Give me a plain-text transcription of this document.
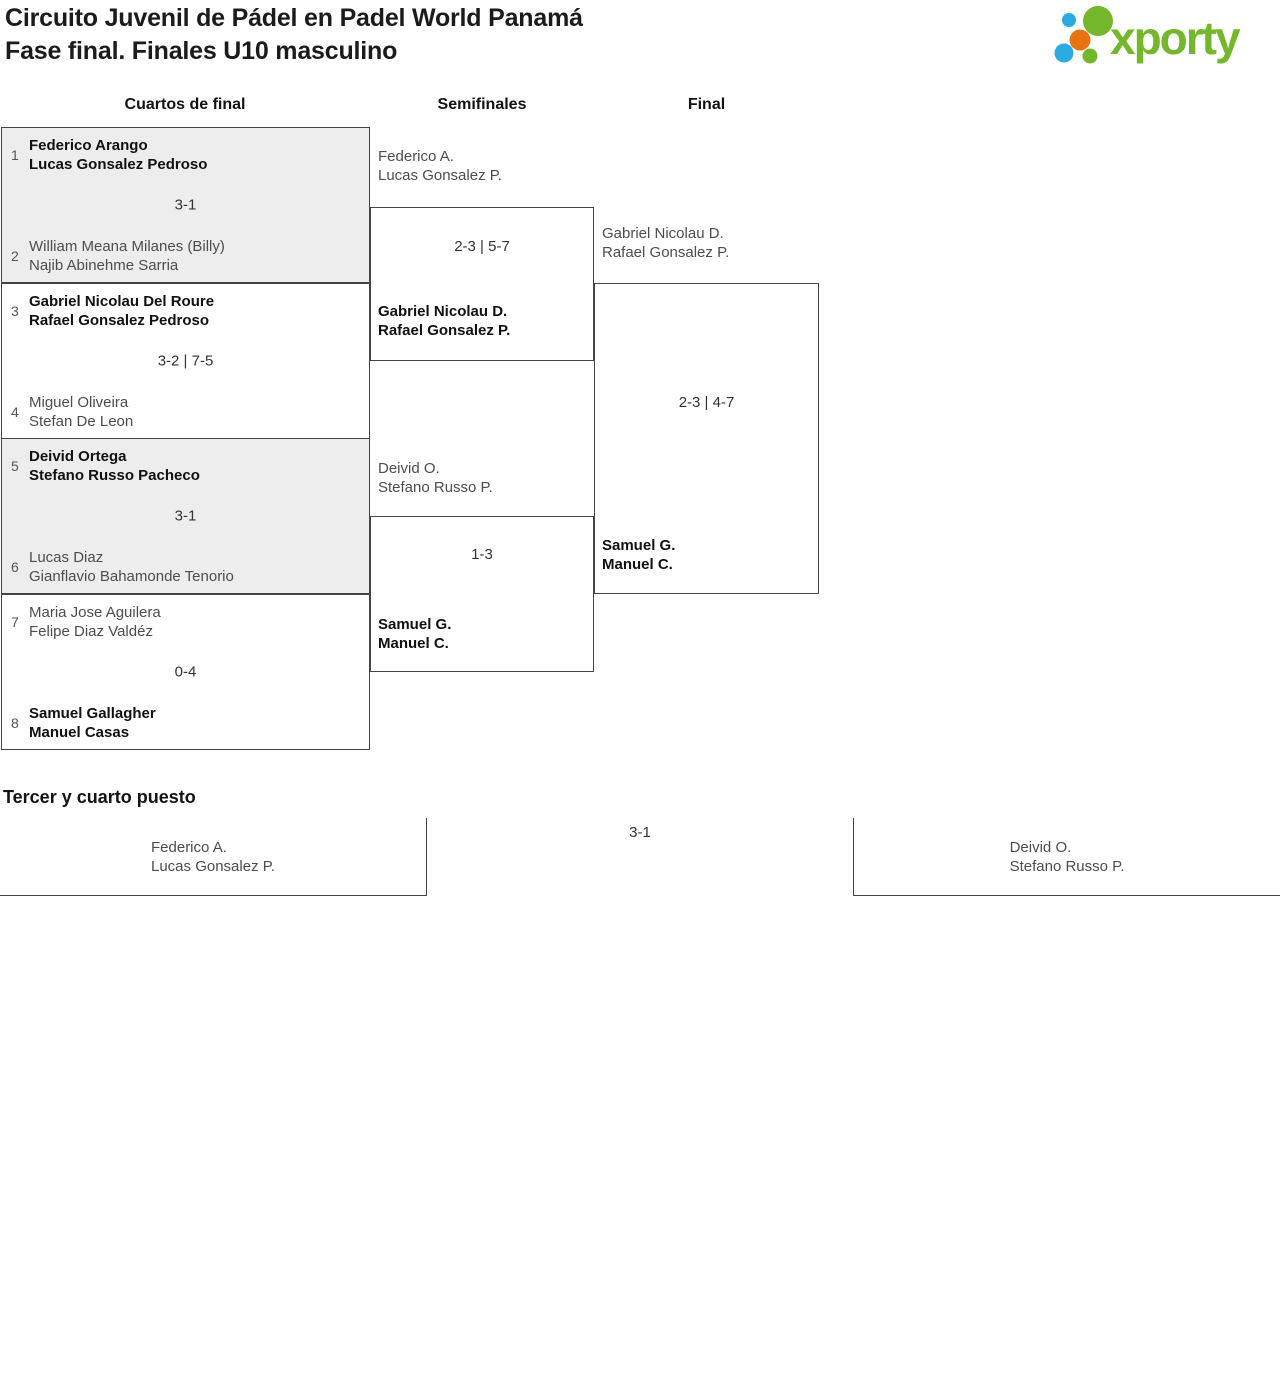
Circuito Juvenil de Pádel en Padel World Panamá
Fase final. Finales U10 masculino	xporty
Cuartos de final	Semifinales	Final
1
Federico Arango
Lucas Gonsalez Pedroso
3-1
2
William Meana Milanes (Billy)
Najib Abinehme Sarria
3
Gabriel Nicolau Del Roure
Rafael Gonsalez Pedroso
3-2 | 7-5
4
Miguel Oliveira
Stefan De Leon
5
Deivid Ortega
Stefano Russo Pacheco
3-1
6
Lucas Diaz
Gianflavio Bahamonde Tenorio
7
Maria Jose Aguilera
Felipe Diaz Valdéz
0-4
8
Samuel Gallagher
Manuel Casas
Federico A.
Lucas Gonsalez P.
2-3 | 5-7
Gabriel Nicolau D.
Rafael Gonsalez P.
Deivid O.
Stefano Russo P.
1-3
Samuel G.
Manuel C.
Gabriel Nicolau D.
Rafael Gonsalez P.
2-3 | 4-7
Samuel G.
Manuel C.
Tercer y cuarto puesto
Federico A.
Lucas Gonsalez P.
3-1
Deivid O.
Stefano Russo P.
